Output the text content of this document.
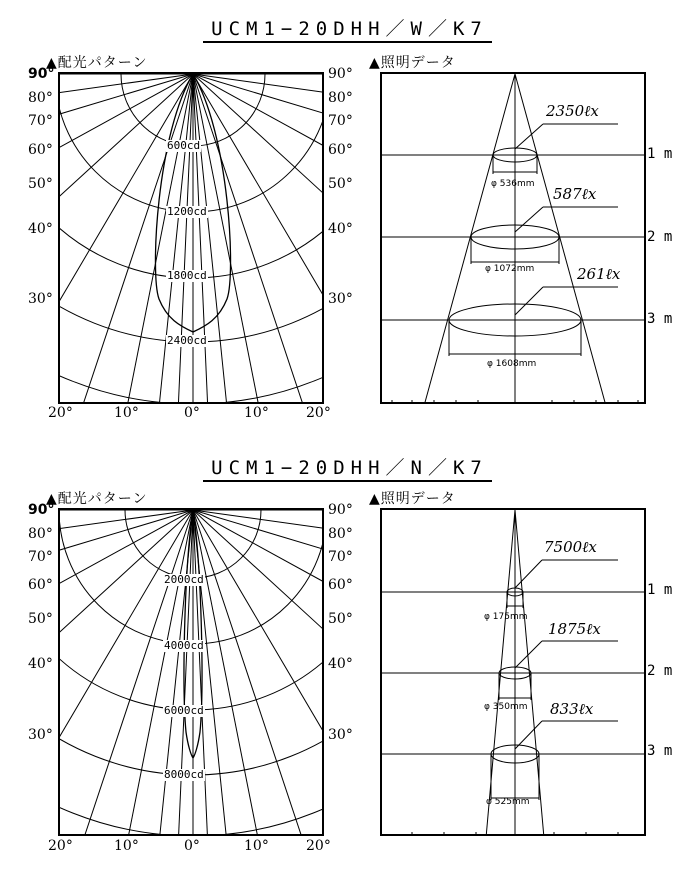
UCM1−20DHH／W／K7
▲配光パターン	▲照明データ
600cd
1200cd
1800cd
2400cd
90°
80°
70°
60°
50°
40°
30°
90°
80°
70°
60°
50°
40°
30°
20°	10°	0°	10°	20°
2350ℓx
587ℓx
261ℓx
φ 536mm
φ 1072mm
φ 1608mm
1 m
2 m
3 m
UCM1−20DHH／N／K7
▲配光パターン	▲照明データ
2000cd
4000cd
6000cd
8000cd
90°
80°
70°
60°
50°
40°
30°
90°
80°
70°
60°
50°
40°
30°
20°	10°	0°	10°	20°
7500ℓx
1875ℓx
833ℓx
φ 175mm
φ 350mm
φ 525mm
1 m
2 m
3 m
